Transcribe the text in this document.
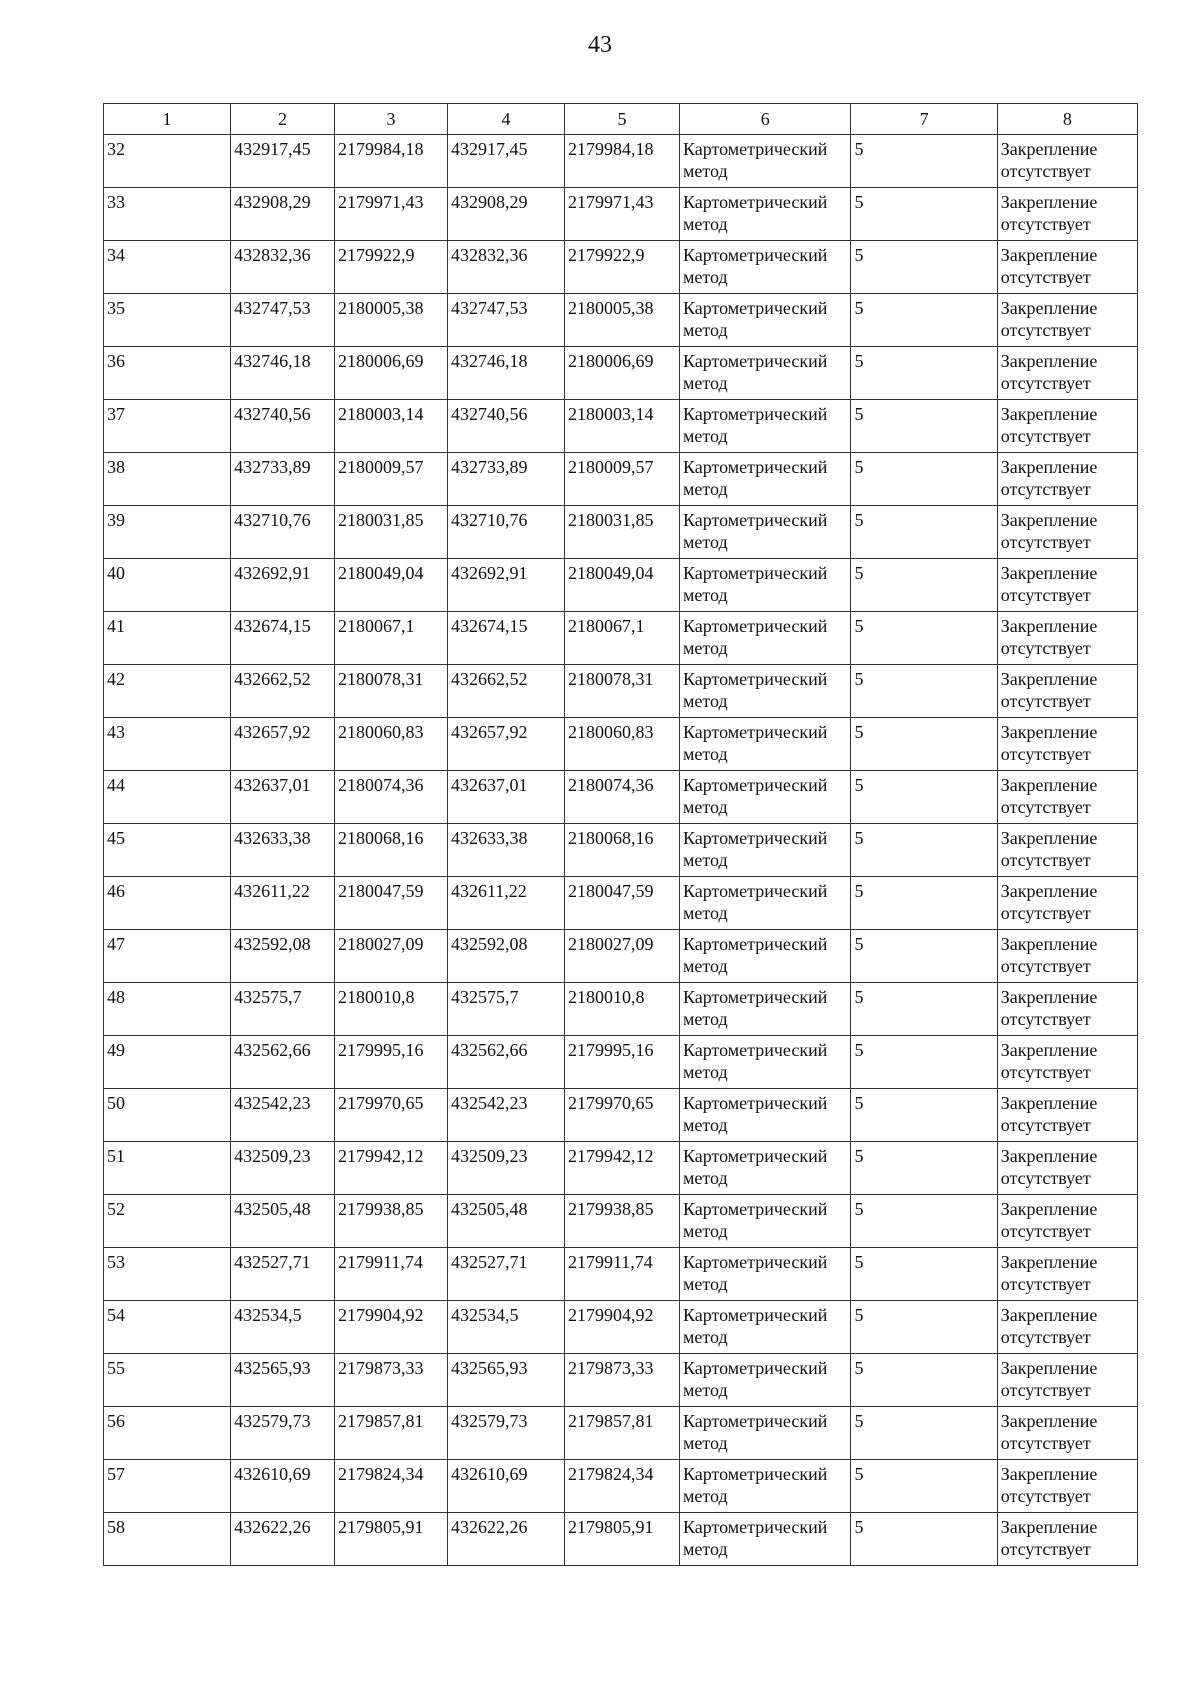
43
1	2	3	4	5	6	7	8
32	432917,45	2179984,18	432917,45	2179984,18	Картометрический метод	5	Закрепление отсутствует
33	432908,29	2179971,43	432908,29	2179971,43	Картометрический метод	5	Закрепление отсутствует
34	432832,36	2179922,9	432832,36	2179922,9	Картометрический метод	5	Закрепление отсутствует
35	432747,53	2180005,38	432747,53	2180005,38	Картометрический метод	5	Закрепление отсутствует
36	432746,18	2180006,69	432746,18	2180006,69	Картометрический метод	5	Закрепление отсутствует
37	432740,56	2180003,14	432740,56	2180003,14	Картометрический метод	5	Закрепление отсутствует
38	432733,89	2180009,57	432733,89	2180009,57	Картометрический метод	5	Закрепление отсутствует
39	432710,76	2180031,85	432710,76	2180031,85	Картометрический метод	5	Закрепление отсутствует
40	432692,91	2180049,04	432692,91	2180049,04	Картометрический метод	5	Закрепление отсутствует
41	432674,15	2180067,1	432674,15	2180067,1	Картометрический метод	5	Закрепление отсутствует
42	432662,52	2180078,31	432662,52	2180078,31	Картометрический метод	5	Закрепление отсутствует
43	432657,92	2180060,83	432657,92	2180060,83	Картометрический метод	5	Закрепление отсутствует
44	432637,01	2180074,36	432637,01	2180074,36	Картометрический метод	5	Закрепление отсутствует
45	432633,38	2180068,16	432633,38	2180068,16	Картометрический метод	5	Закрепление отсутствует
46	432611,22	2180047,59	432611,22	2180047,59	Картометрический метод	5	Закрепление отсутствует
47	432592,08	2180027,09	432592,08	2180027,09	Картометрический метод	5	Закрепление отсутствует
48	432575,7	2180010,8	432575,7	2180010,8	Картометрический метод	5	Закрепление отсутствует
49	432562,66	2179995,16	432562,66	2179995,16	Картометрический метод	5	Закрепление отсутствует
50	432542,23	2179970,65	432542,23	2179970,65	Картометрический метод	5	Закрепление отсутствует
51	432509,23	2179942,12	432509,23	2179942,12	Картометрический метод	5	Закрепление отсутствует
52	432505,48	2179938,85	432505,48	2179938,85	Картометрический метод	5	Закрепление отсутствует
53	432527,71	2179911,74	432527,71	2179911,74	Картометрический метод	5	Закрепление отсутствует
54	432534,5	2179904,92	432534,5	2179904,92	Картометрический метод	5	Закрепление отсутствует
55	432565,93	2179873,33	432565,93	2179873,33	Картометрический метод	5	Закрепление отсутствует
56	432579,73	2179857,81	432579,73	2179857,81	Картометрический метод	5	Закрепление отсутствует
57	432610,69	2179824,34	432610,69	2179824,34	Картометрический метод	5	Закрепление отсутствует
58	432622,26	2179805,91	432622,26	2179805,91	Картометрический метод	5	Закрепление отсутствует
